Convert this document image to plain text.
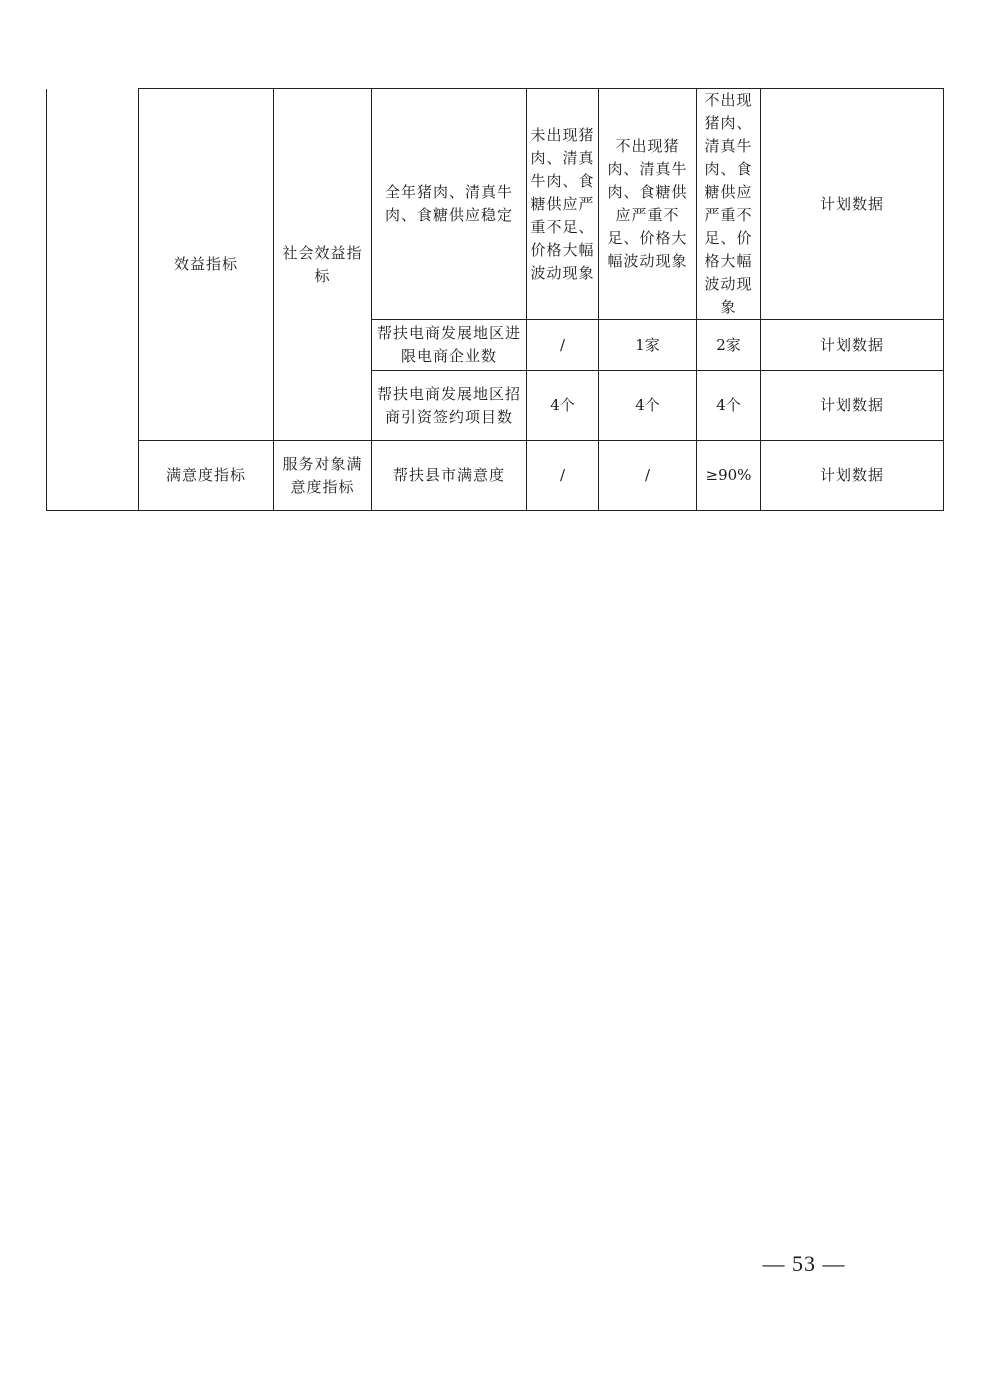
	效益指标	社会效益指标	全年猪肉、清真牛肉、食糖供应稳定	未出现猪肉、清真牛肉、食糖供应严重不足、价格大幅波动现象	不出现猪肉、清真牛肉、食糖供应严重不足、价格大幅波动现象	不出现猪肉、清真牛肉、食糖供应严重不足、价格大幅波动现象	计划数据
			帮扶电商发展地区进限电商企业数	/	1家	2家	计划数据
			帮扶电商发展地区招商引资签约项目数	4个	4个	4个	计划数据
	满意度指标	服务对象满意度指标	帮扶县市满意度	/	/	≥90%	计划数据
— 53 —
